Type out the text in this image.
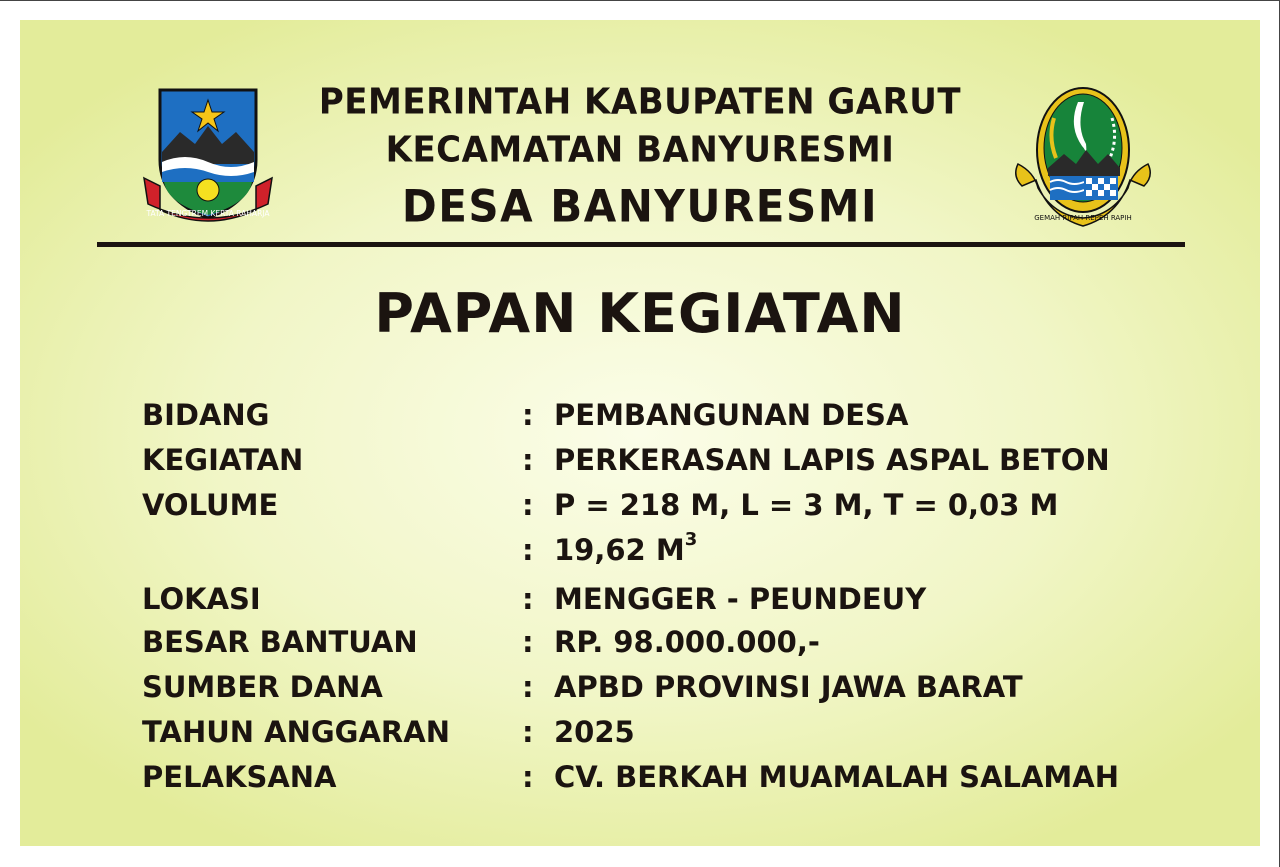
TATA TENGTREM KERTA RAHARJA	GEMAH RIPAH REPEH RAPIH
PEMERINTAH KABUPATEN GARUT
KECAMATAN BANYURESMI
DESA BANYURESMI
PAPAN KEGIATAN
BIDANG	: PEMBANGUNAN DESA
KEGIATAN	: PERKERASAN LAPIS ASPAL BETON
VOLUME	: P = 218 M, L = 3 M, T = 0,03 M
: 19,62 $M^3$
LOKASI	: MENGGER - PEUNDEUY
BESAR BANTUAN	: RP. 98.000.000,-
SUMBER DANA	: APBD PROVINSI JAWA BARAT
TAHUN ANGGARAN : 2025
PELAKSANA	: CV. BERKAH MUAMALAH SALAMAH
